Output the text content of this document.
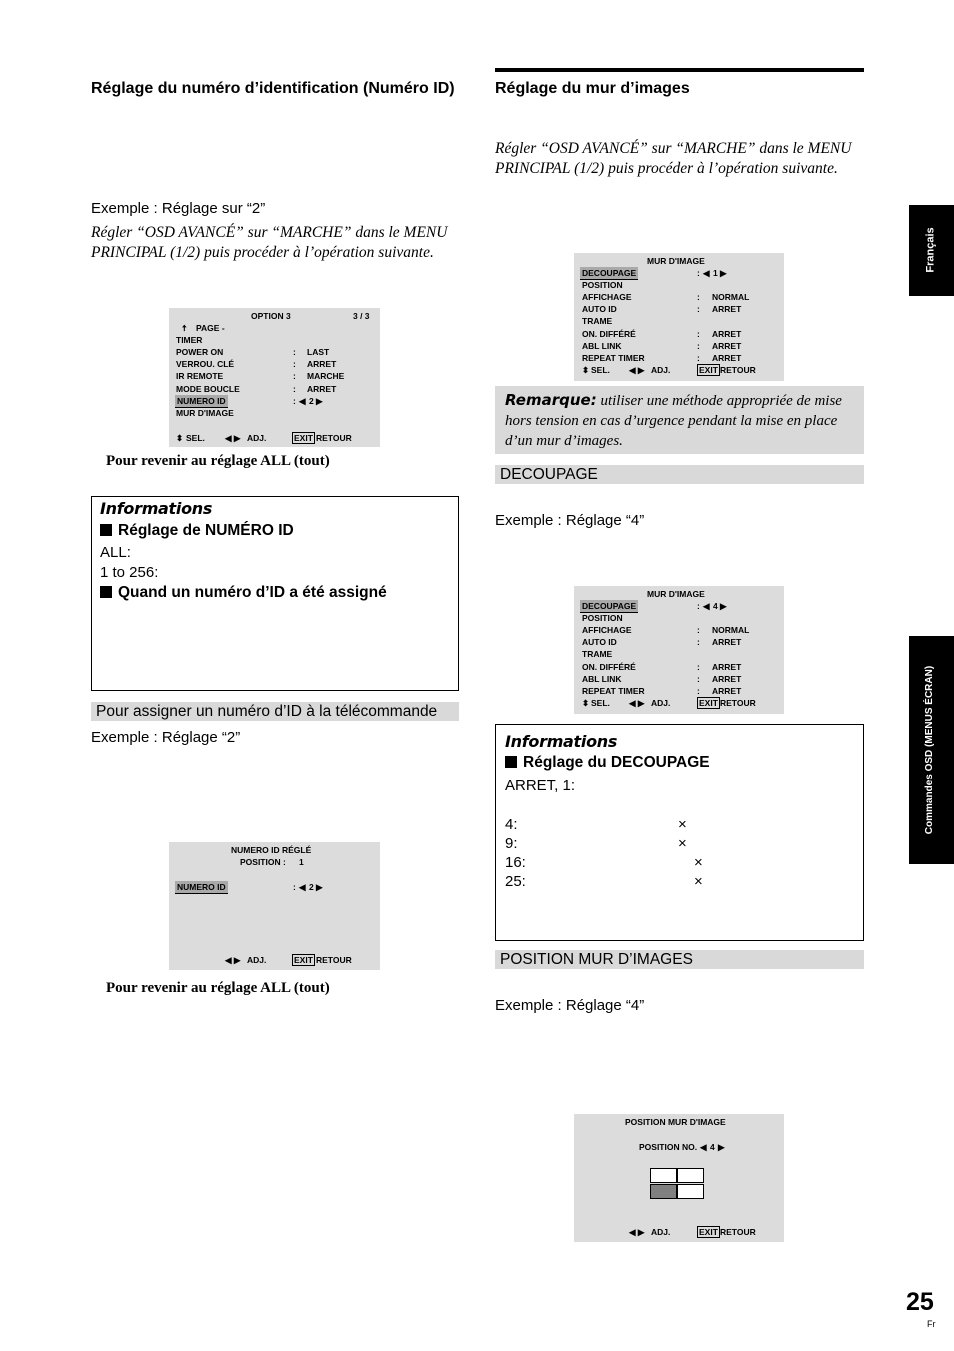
Réglage du numéro d’identification (Numéro ID)
Exemple : Réglage sur “2”
Régler “OSD AVANCÉ” sur “MARCHE” dans le MENU PRINCIPAL (1/2) puis procéder à l’opération suivante.
OPTION 3	3 / 3
🠅 PAGE -
TIMER
POWER ON	: LAST
VERROU. CLÉ	: ARRET
IR REMOTE	: MARCHE
MODE BOUCLE	: ARRET
NUMERO ID	: ◀ 2 ▶
MUR D'IMAGE
⬍ SEL. ◀ ▶ ADJ.	EXIT RETOUR
Pour revenir au réglage ALL (tout)
Informations
Réglage de NUMÉRO ID
ALL:
1 to 256:
Quand un numéro d’ID a été assigné
Pour assigner un numéro d’ID à la télécommande
Exemple : Réglage “2”
NUMERO ID RÉGLÉ
POSITION : 1
NUMERO ID	: ◀ 2 ▶
◀ ▶ ADJ.	EXIT RETOUR
Pour revenir au réglage ALL (tout)
Réglage du mur d’images
Régler “OSD AVANCÉ” sur “MARCHE” dans le MENU PRINCIPAL (1/2) puis procéder à l’opération suivante.
MUR D'IMAGE
DECOUPAGE	: ◀ 1 ▶
POSITION
AFFICHAGE	: NORMAL
AUTO ID	: ARRET
TRAME
ON. DIFFÉRÉ	: ARRET
ABL LINK	: ARRET
REPEAT TIMER	: ARRET
⬍ SEL. ◀ ▶ ADJ.	EXIT RETOUR
Remarque: utiliser une méthode appropriée de mise hors tension en cas d’urgence pendant la mise en place d’un mur d’images.
DECOUPAGE
Exemple : Réglage “4”
MUR D'IMAGE
DECOUPAGE	: ◀ 4 ▶
POSITION
AFFICHAGE	: NORMAL
AUTO ID	: ARRET
TRAME
ON. DIFFÉRÉ	: ARRET
ABL LINK	: ARRET
REPEAT TIMER	: ARRET
⬍ SEL. ◀ ▶ ADJ.	EXIT RETOUR
Informations
Réglage du DECOUPAGE
ARRET, 1:
4:	×
9:	×
16:	×
25:	×
POSITION MUR D’IMAGES
Exemple : Réglage “4”
POSITION MUR D'IMAGE
POSITION NO. ◀ 4 ▶
◀ ▶ ADJ.	EXIT RETOUR
Français
Commandes OSD (MENUS ÉCRAN)
25
Fr
